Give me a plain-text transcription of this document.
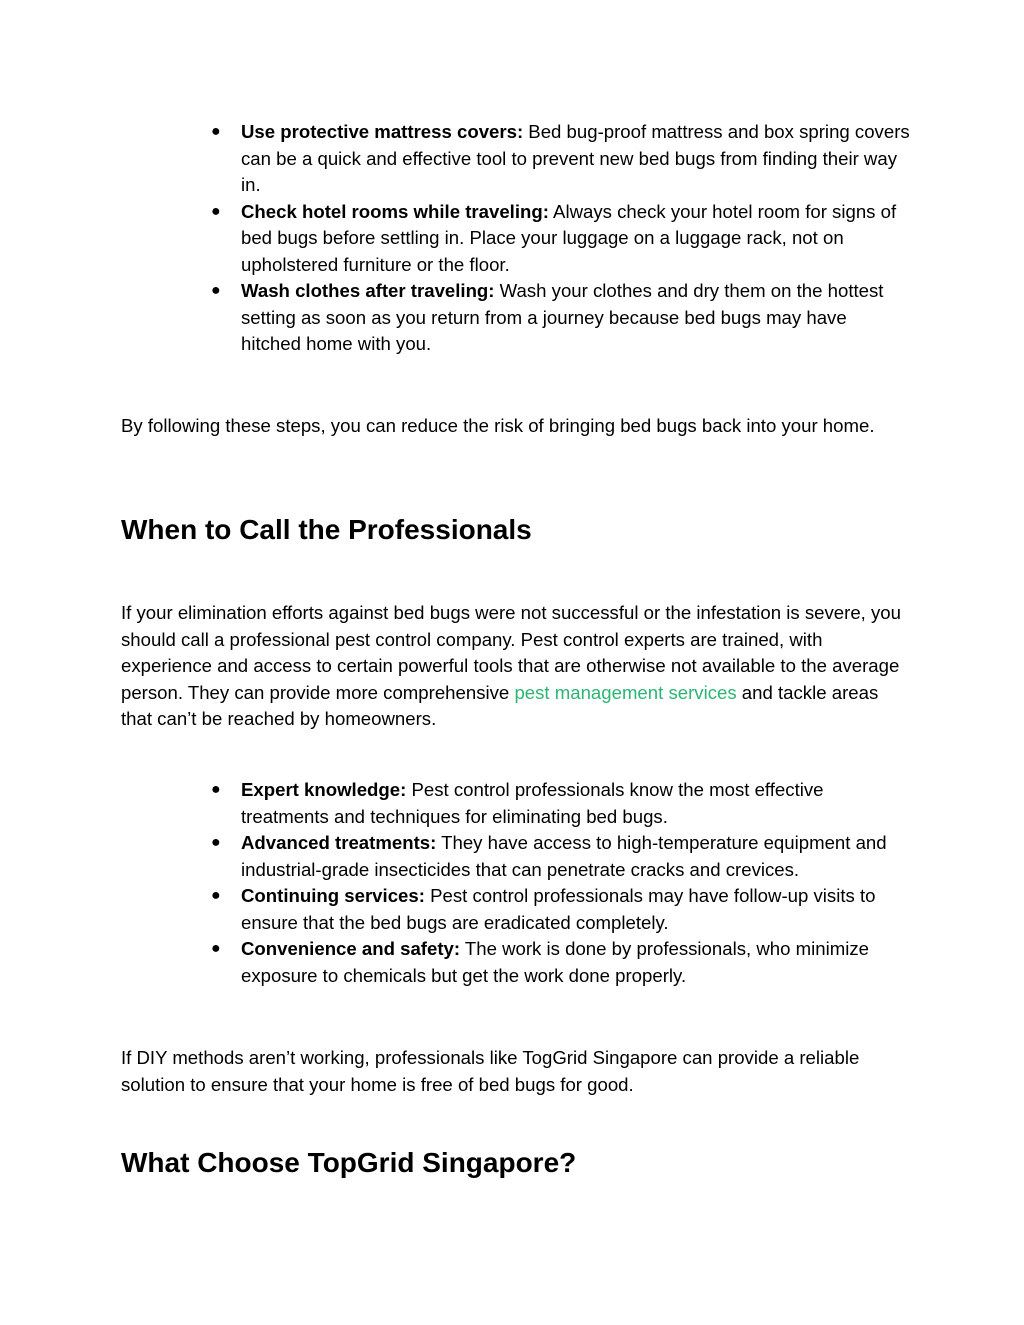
● Use protective mattress covers: Bed bug-proof mattress and box spring covers can be a quick and effective tool to prevent new bed bugs from finding their way in.
● Check hotel rooms while traveling: Always check your hotel room for signs of bed bugs before settling in. Place your luggage on a luggage rack, not on upholstered furniture or the floor.
● Wash clothes after traveling: Wash your clothes and dry them on the hottest setting as soon as you return from a journey because bed bugs may have hitched home with you.

By following these steps, you can reduce the risk of bringing bed bugs back into your home.

When to Call the Professionals

If your elimination efforts against bed bugs were not successful or the infestation is severe, you should call a professional pest control company. Pest control experts are trained, with experience and access to certain powerful tools that are otherwise not available to the average person. They can provide more comprehensive pest management services and tackle areas that can’t be reached by homeowners.

● Expert knowledge: Pest control professionals know the most effective treatments and techniques for eliminating bed bugs.
● Advanced treatments: They have access to high-temperature equipment and industrial-grade insecticides that can penetrate cracks and crevices.
● Continuing services: Pest control professionals may have follow-up visits to ensure that the bed bugs are eradicated completely.
● Convenience and safety: The work is done by professionals, who minimize exposure to chemicals but get the work done properly.

If DIY methods aren’t working, professionals like TogGrid Singapore can provide a reliable solution to ensure that your home is free of bed bugs for good.

What Choose TopGrid Singapore?
